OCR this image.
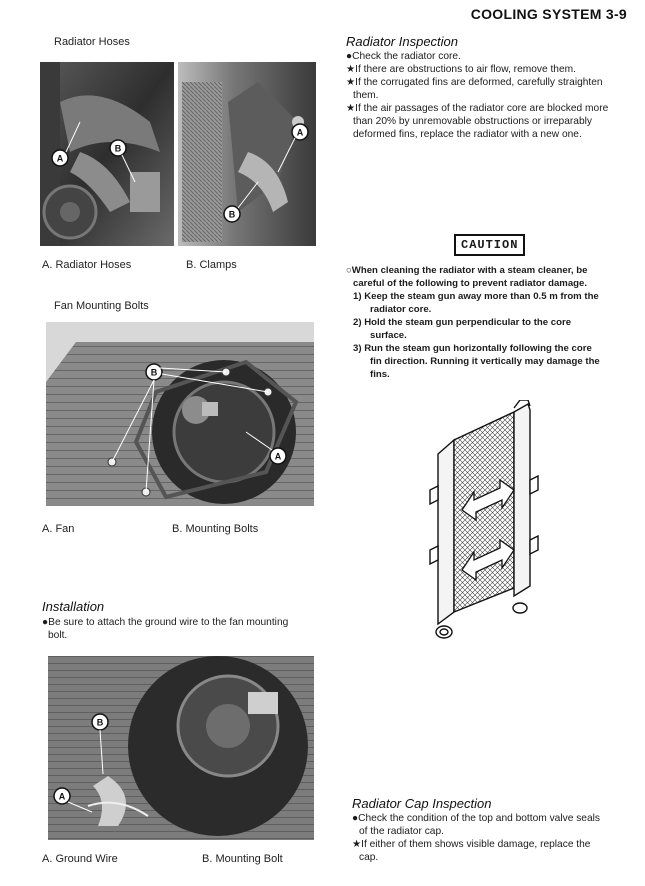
COOLING SYSTEM 3-9
Radiator Hoses
A
B
A
B
A. Radiator Hoses	B. Clamps
Fan Mounting Bolts
B
A
A. Fan	B. Mounting Bolts
Installation
●Be sure to attach the ground wire to the fan mounting
bolt.
B
A
A. Ground Wire	B. Mounting Bolt
Radiator Inspection
●Check the radiator core.
★If there are obstructions to air flow, remove them.
★If the corrugated fins are deformed, carefully straighten
them.
★If the air passages of the radiator core are blocked more
than 20% by unremovable obstructions or irreparably
deformed fins, replace the radiator with a new one.
CAUTION
○When cleaning the radiator with a steam cleaner, be
careful of the following to prevent radiator damage.
1) Keep the steam gun away more than 0.5 m from the
radiator core.
2) Hold the steam gun perpendicular to the core
surface.
3) Run the steam gun horizontally following the core
fin direction. Running it vertically may damage the
fins.
Radiator Cap Inspection
●Check the condition of the top and bottom valve seals
of the radiator cap.
★If either of them shows visible damage, replace the
cap.
